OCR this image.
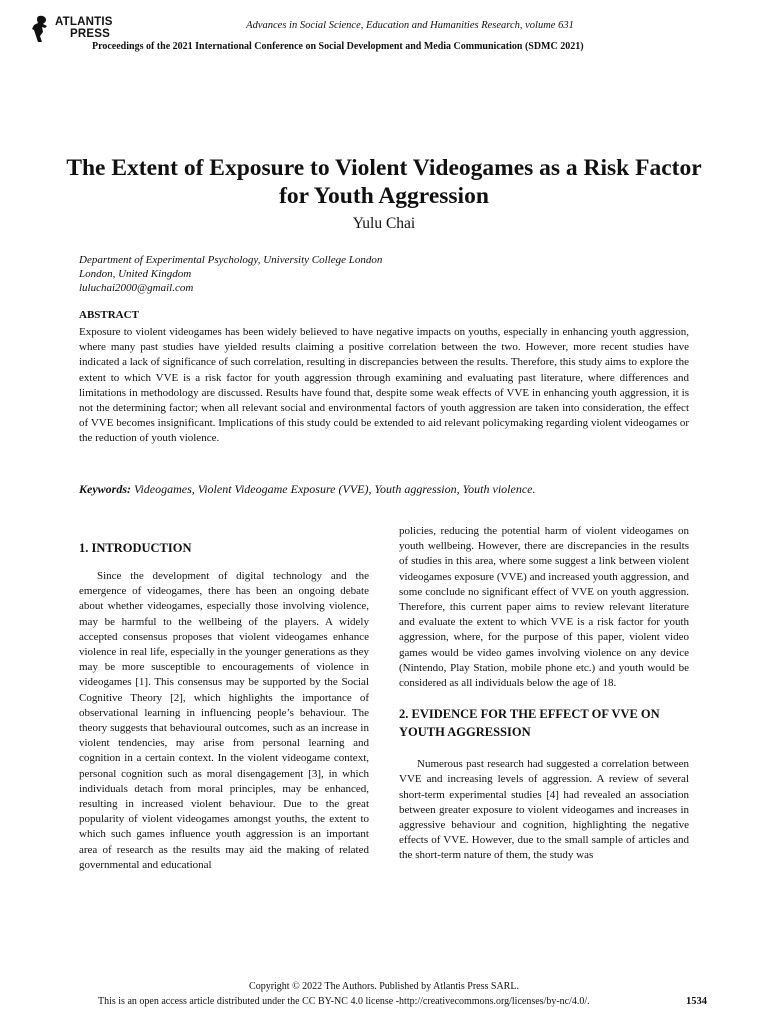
ATLANTIS
PRESS
Advances in Social Science, Education and Humanities Research, volume 631
Proceedings of the 2021 International Conference on Social Development and Media Communication (SDMC 2021)
The Extent of Exposure to Violent Videogames as a Risk Factor for Youth Aggression
Yulu Chai
Department of Experimental Psychology, University College London
London, United Kingdom
luluchai2000@gmail.com
ABSTRACT
Exposure to violent videogames has been widely believed to have negative impacts on youths, especially in enhancing youth aggression, where many past studies have yielded results claiming a positive correlation between the two. However, more recent studies have indicated a lack of significance of such correlation, resulting in discrepancies between the results. Therefore, this study aims to explore the extent to which VVE is a risk factor for youth aggression through examining and evaluating past literature, where differences and limitations in methodology are discussed. Results have found that, despite some weak effects of VVE in enhancing youth aggression, it is not the determining factor; when all relevant social and environmental factors of youth aggression are taken into consideration, the effect of VVE becomes insignificant. Implications of this study could be extended to aid relevant policymaking regarding violent videogames or the reduction of youth violence.
Keywords: Videogames, Violent Videogame Exposure (VVE), Youth aggression, Youth violence.
1. INTRODUCTION

Since the development of digital technology and the emergence of videogames, there has been an ongoing debate about whether videogames, especially those involving violence, may be harmful to the wellbeing of the players. A widely accepted consensus proposes that violent videogames enhance violence in real life, especially in the younger generations as they may be more susceptible to encouragements of violence in videogames [1]. This consensus may be supported by the Social Cognitive Theory [2], which highlights the importance of observational learning in influencing people’s behaviour. The theory suggests that behavioural outcomes, such as an increase in violent tendencies, may arise from personal learning and cognition in a certain context. In the violent videogame context, personal cognition such as moral disengagement [3], in which individuals detach from moral principles, may be enhanced, resulting in increased violent behaviour. Due to the great popularity of violent videogames amongst youths, the extent to which such games influence youth aggression is an important area of research as the results may aid the making of related governmental and educational

policies, reducing the potential harm of violent videogames on youth wellbeing. However, there are discrepancies in the results of studies in this area, where some suggest a link between violent videogames exposure (VVE) and increased youth aggression, and some conclude no significant effect of VVE on youth aggression. Therefore, this current paper aims to review relevant literature and evaluate the extent to which VVE is a risk factor for youth aggression, where, for the purpose of this paper, violent video games would be video games involving violence on any device (Nintendo, Play Station, mobile phone etc.) and youth would be considered as all individuals below the age of 18.

2. EVIDENCE FOR THE EFFECT OF VVE ON YOUTH AGGRESSION

Numerous past research had suggested a correlation between VVE and increasing levels of aggression. A review of several short-term experimental studies [4] had revealed an association between greater exposure to violent videogames and increases in aggressive behaviour and cognition, highlighting the negative effects of VVE. However, due to the small sample of articles and the short-term nature of them, the study was

Copyright © 2022 The Authors. Published by Atlantis Press SARL.
This is an open access article distributed under the CC BY-NC 4.0 license -http://creativecommons.org/licenses/by-nc/4.0/.	1534
